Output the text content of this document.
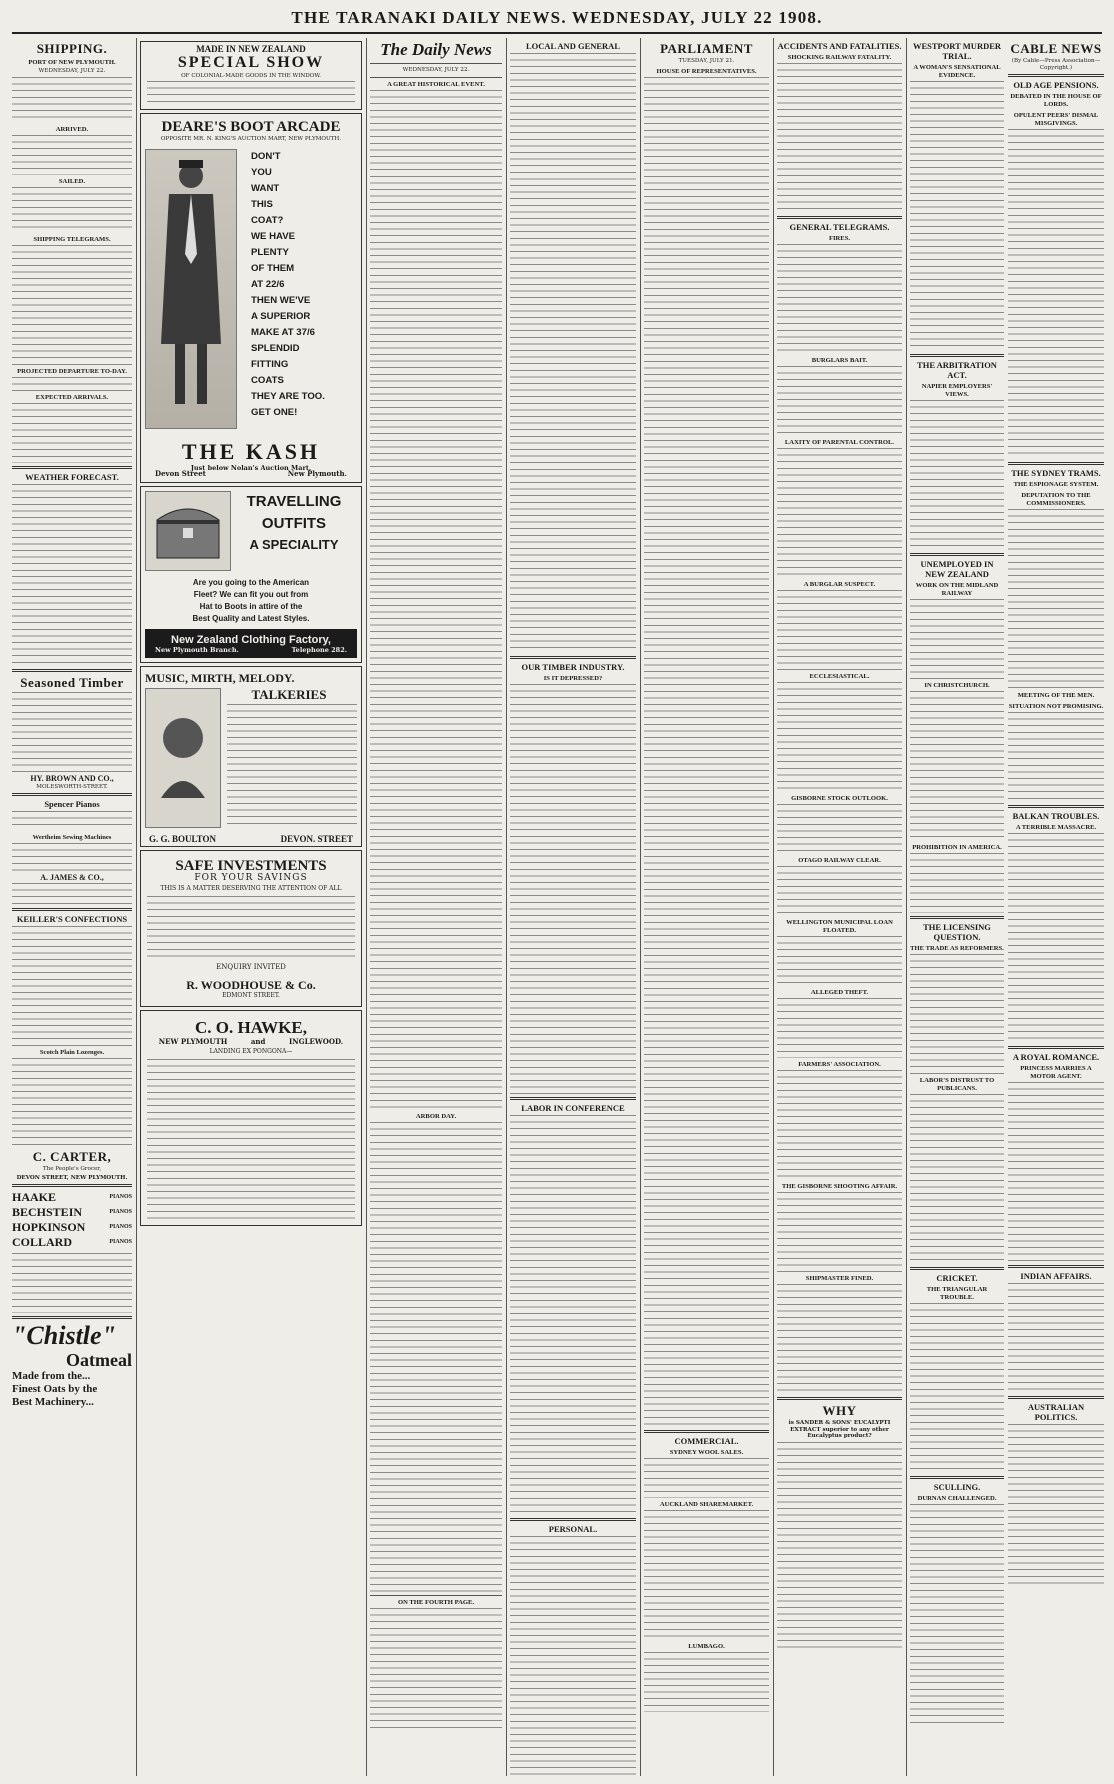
THE TARANAKI DAILY NEWS. WEDNESDAY, JULY 22 1908.
SHIPPING.
PORT OF NEW PLYMOUTH.

WEDNESDAY, JULY 22.

ARRIVED.
SAILED.
SHIPPING TELEGRAMS.
PROJECTED DEPARTURE TO-DAY.
EXPECTED ARRIVALS.
WEATHER FORECAST.
Seasoned Timber
HY. BROWN AND CO.,

MOLESWORTH-STREET.

Spencer Pianos
Wertheim Sewing Machines
A. JAMES & CO.,
KEILLER'S CONFECTIONS
Scotch Plain Lozenges.
C. CARTER,

The People's Grocer,

DEVON STREET, NEW PLYMOUTH.

HAAKE	PIANOS
BECHSTEIN	PIANOS
HOPKINSON	PIANOS
COLLARD	PIANOS
"Chistle"
Oatmeal
Made from the...
Finest Oats by the
Best Machinery...
MADE IN NEW ZEALAND
SPECIAL SHOW
OF COLONIAL-MADE GOODS IN THE WINDOW.
DEARE'S BOOT ARCADE
OPPOSITE MR. N. KING'S AUCTION MART, NEW PLYMOUTH.
DON'T
YOU
WANT
THIS
COAT?
WE HAVE
PLENTY
OF THEM
AT 22/6
THEN WE'VE
A SUPERIOR
MAKE AT 37/6
SPLENDID
FITTING
COATS
THEY ARE TOO.
GET ONE!
THE KASH
Just below Nolan's Auction Mart,
Devon Street	New Plymouth.
TRAVELLING
OUTFITS
A SPECIALITY
Are you going to the American
Fleet? We can fit you out from
Hat to Boots in attire of the
Best Quality and Latest Styles.
New Zealand Clothing Factory,
New Plymouth Branch.	Telephone 282.
MUSIC, MIRTH, MELODY.
TALKERIES
G. G. BOULTON	DEVON. STREET
SAFE INVESTMENTS
FOR YOUR SAVINGS
THIS IS A MATTER DESERVING THE ATTENTION OF ALL
ENQUIRY INVITED
R. WOODHOUSE & Co.
EDMONT STREET.
C. O. HAWKE,
NEW PLYMOUTH	and	INGLEWOOD.
LANDING EX PONGONA—
The Daily News

WEDNESDAY, JULY 22.

A GREAT HISTORICAL EVENT.
ARBOR DAY.
ON THE FOURTH PAGE.
LOCAL AND GENERAL
OUR TIMBER INDUSTRY.
IS IT DEPRESSED?
LABOR IN CONFERENCE
PERSONAL.
PARLIAMENT

TUESDAY, JULY 21.

HOUSE OF REPRESENTATIVES.
COMMERCIAL.
SYDNEY WOOL SALES.
AUCKLAND SHAREMARKET.
LUMBAGO.
ACCIDENTS AND FATALITIES.
SHOCKING RAILWAY FATALITY.
GENERAL TELEGRAMS.
FIRES.
BURGLARS BAIT.
LAXITY OF PARENTAL CONTROL.
A BURGLAR SUSPECT.
ECCLESIASTICAL.
GISBORNE STOCK OUTLOOK.
OTAGO RAILWAY CLEAR.
WELLINGTON MUNICIPAL LOAN FLOATED.
ALLEGED THEFT.
FARMERS' ASSOCIATION.
THE GISBORNE SHOOTING AFFAIR.
SHIPMASTER FINED.
WHY

is SANDER & SONS' EUCALYPTI EXTRACT superior to any other Eucalyptus product?

WESTPORT MURDER TRIAL.
A WOMAN'S SENSATIONAL EVIDENCE.
THE ARBITRATION ACT.
NAPIER EMPLOYERS' VIEWS.
UNEMPLOYED IN NEW ZEALAND
WORK ON THE MIDLAND RAILWAY
IN CHRISTCHURCH.
PROHIBITION IN AMERICA.
THE LICENSING QUESTION.
THE TRADE AS REFORMERS.
LABOR'S DISTRUST TO PUBLICANS.
CRICKET.
THE TRIANGULAR TROUBLE.
SCULLING.
DURNAN CHALLENGED.
CABLE NEWS

(By Cable—Press Association—Copyright.)

OLD AGE PENSIONS.
DEBATED IN THE HOUSE OF LORDS.
OPULENT PEERS' DISMAL MISGIVINGS.
THE SYDNEY TRAMS.
THE ESPIONAGE SYSTEM.
DEPUTATION TO THE COMMISSIONERS.
MEETING OF THE MEN.
SITUATION NOT PROMISING.
BALKAN TROUBLES.
A TERRIBLE MASSACRE.
A ROYAL ROMANCE.
PRINCESS MARRIES A MOTOR AGENT.
INDIAN AFFAIRS.
AUSTRALIAN POLITICS.
